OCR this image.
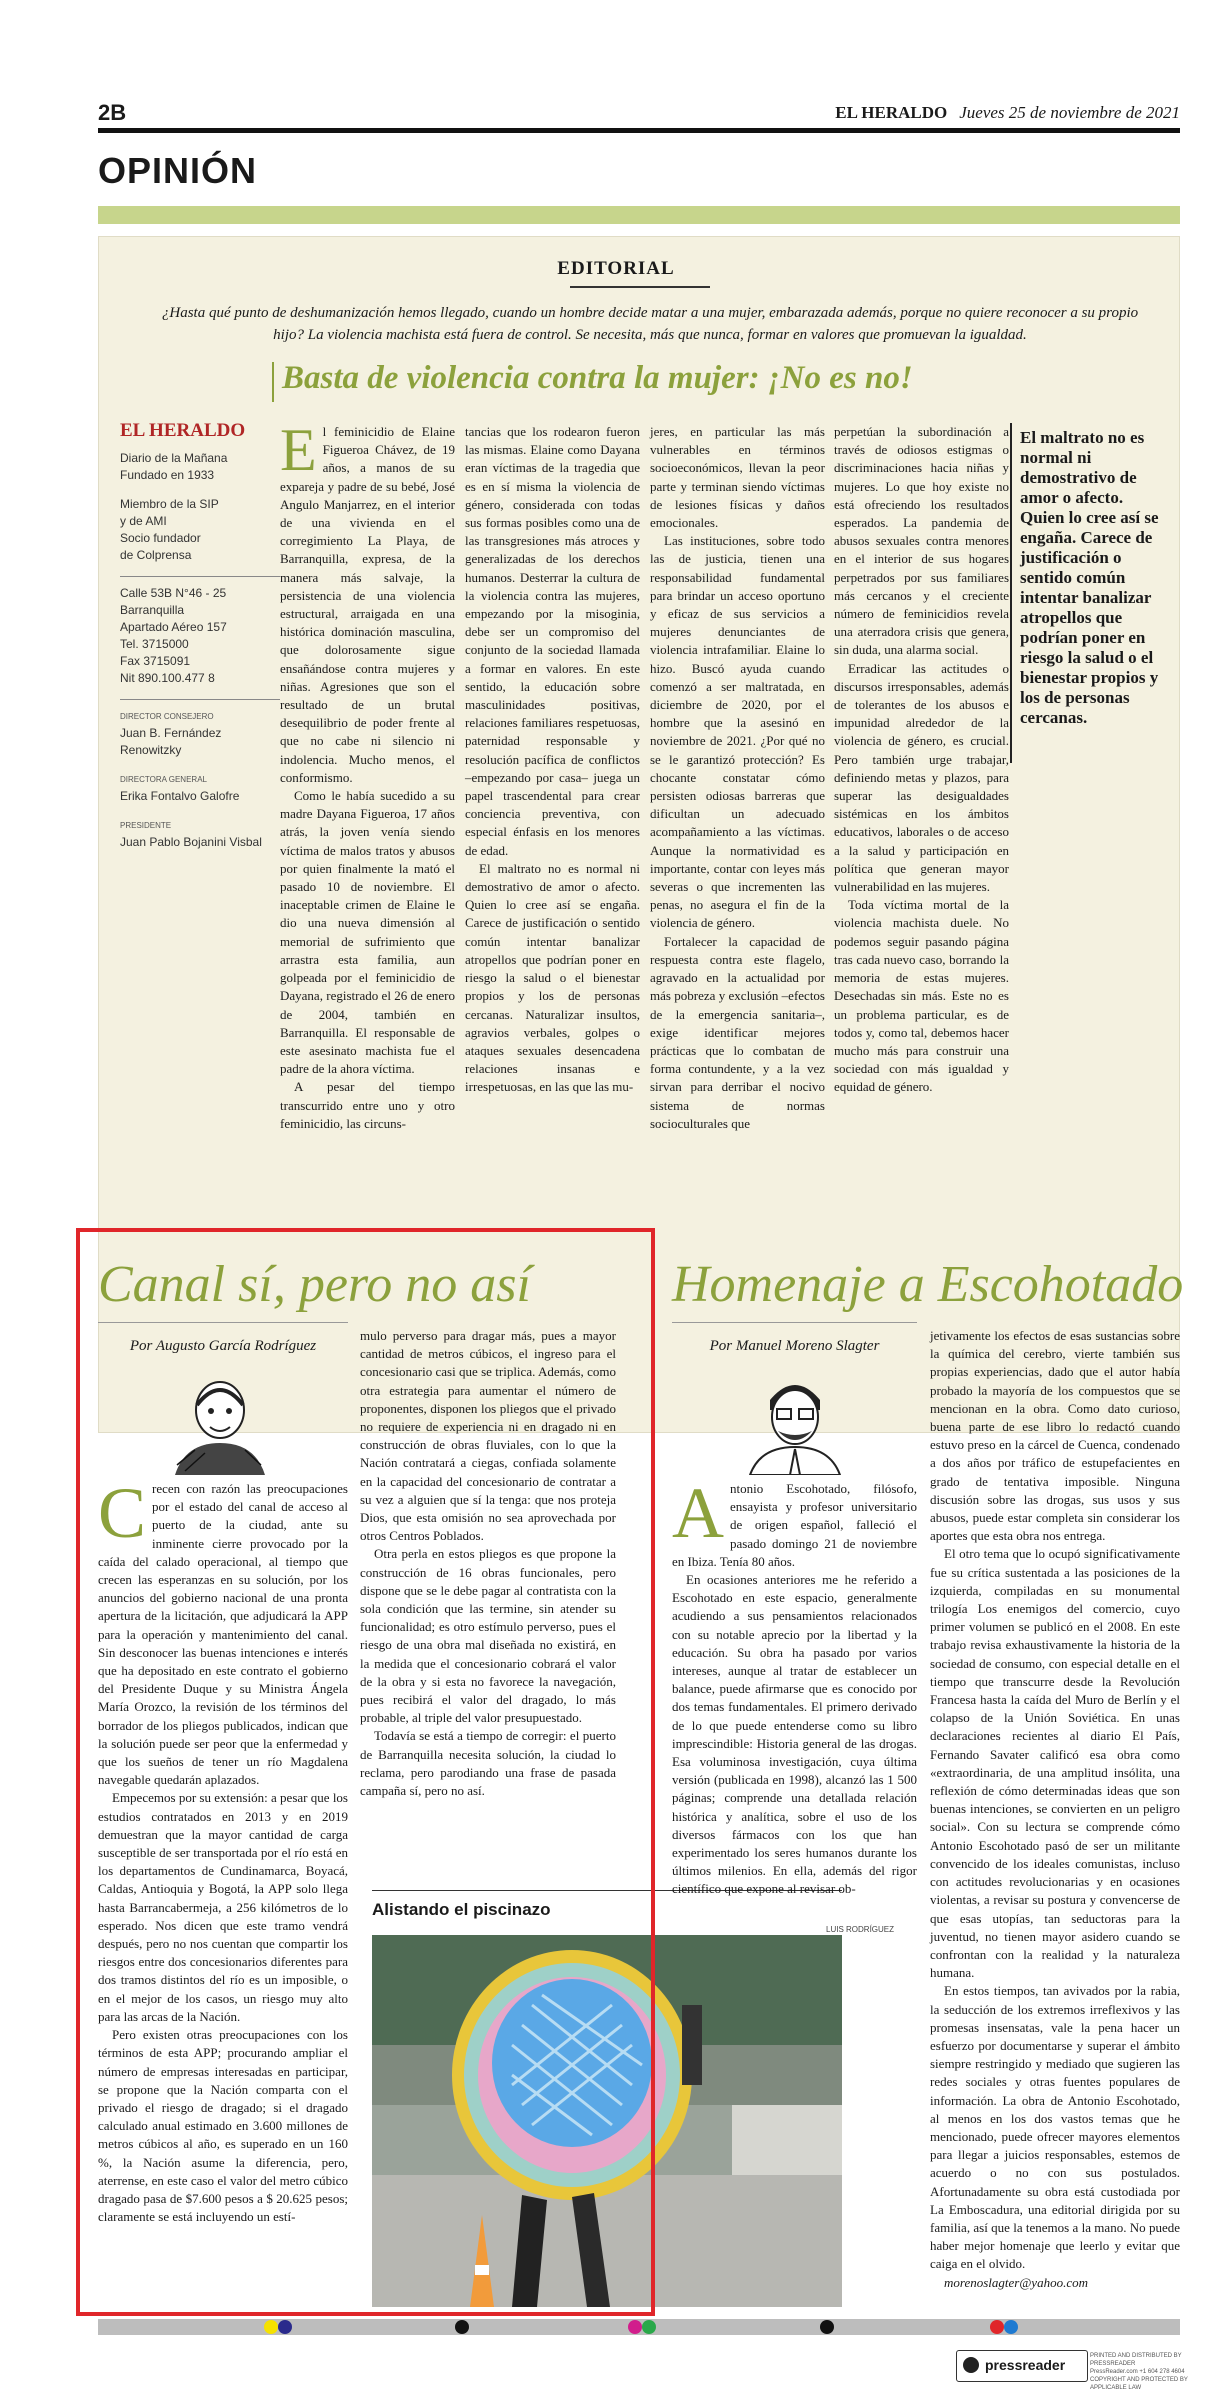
2B	EL HERALDO Jueves 25 de noviembre de 2021
OPINIÓN
EDITORIAL
¿Hasta qué punto de deshumanización hemos llegado, cuando un hombre decide matar a una mujer, embarazada además, porque no quiere reconocer a su propio hijo? La violencia machista está fuera de control. Se necesita, más que nunca, formar en valores que promuevan la igualdad.
Basta de violencia contra la mujer: ¡No es no!
EL HERALDO
Diario de la Mañana
Fundado en 1933
Miembro de la SIP
y de AMI
Socio fundador
de Colprensa
Calle 53B N°46 - 25
Barranquilla
Apartado Aéreo 157
Tel. 3715000
Fax 3715091
Nit 890.100.477 8
DIRECTOR CONSEJERO
Juan B. Fernández Renowitzky
DIRECTORA GENERAL
Erika Fontalvo Galofre
PRESIDENTE
Juan Pablo Bojanini Visbal
E l feminicidio de Elaine Figueroa Chávez, de 19 años, a manos de su expareja y padre de su bebé, José Angulo Manjarrez, en el interior de una vivienda en el corregimiento La Playa, de Barranquilla, expresa, de la manera más salvaje, la persistencia de una violencia estructural, arraigada en una histórica dominación masculina, que dolorosamente sigue ensañándose contra mujeres y niñas. Agresiones que son el resultado de un brutal desequilibrio de poder frente al que no cabe ni silencio ni indolencia. Mucho menos, el conformismo.

Como le había sucedido a su madre Dayana Figueroa, 17 años atrás, la joven venía siendo víctima de malos tratos y abusos por quien finalmente la mató el pasado 10 de noviembre. El inaceptable crimen de Elaine le dio una nueva dimensión al memorial de sufrimiento que arrastra esta familia, aun golpeada por el feminicidio de Dayana, registrado el 26 de enero de 2004, también en Barranquilla. El responsable de este asesinato machista fue el padre de la ahora víctima.

A pesar del tiempo transcurrido entre uno y otro feminicidio, las circuns-

tancias que los rodearon fueron las mismas. Elaine como Dayana eran víctimas de la tragedia que es en sí misma la violencia de género, considerada con todas sus formas posibles como una de las transgresiones más atroces y generalizadas de los derechos humanos. Desterrar la cultura de la violencia contra las mujeres, empezando por la misoginia, debe ser un compromiso del conjunto de la sociedad llamada a formar en valores. En este sentido, la educación sobre masculinidades positivas, relaciones familiares respetuosas, paternidad responsable y resolución pacífica de conflictos –empezando por casa– juega un papel trascendental para crear conciencia preventiva, con especial énfasis en los menores de edad.

El maltrato no es normal ni demostrativo de amor o afecto. Quien lo cree así se engaña. Carece de justificación o sentido común intentar banalizar atropellos que podrían poner en riesgo la salud o el bienestar propios y los de personas cercanas. Naturalizar insultos, agravios verbales, golpes o ataques sexuales desencadena relaciones insanas e irrespetuosas, en las que las mu-

jeres, en particular las más vulnerables en términos socioeconómicos, llevan la peor parte y terminan siendo víctimas de lesiones físicas y daños emocionales.

Las instituciones, sobre todo las de justicia, tienen una responsabilidad fundamental para brindar un acceso oportuno y eficaz de sus servicios a mujeres denunciantes de violencia intrafamiliar. Elaine lo hizo. Buscó ayuda cuando comenzó a ser maltratada, en diciembre de 2020, por el hombre que la asesinó en noviembre de 2021. ¿Por qué no se le garantizó protección? Es chocante constatar cómo persisten odiosas barreras que dificultan un adecuado acompañamiento a las víctimas. Aunque la normatividad es importante, contar con leyes más severas o que incrementen las penas, no asegura el fin de la violencia de género.

Fortalecer la capacidad de respuesta contra este flagelo, agravado en la actualidad por más pobreza y exclusión –efectos de la emergencia sanitaria–, exige identificar mejores prácticas que lo combatan de forma contundente, y a la vez sirvan para derribar el nocivo sistema de normas socioculturales que

perpetúan la subordinación a través de odiosos estigmas o discriminaciones hacia niñas y mujeres. Lo que hoy existe no está ofreciendo los resultados esperados. La pandemia de abusos sexuales contra menores en el interior de sus hogares perpetrados por sus familiares más cercanos y el creciente número de feminicidios revela una aterradora crisis que genera, sin duda, una alarma social.

Erradicar las actitudes o discursos irresponsables, además de tolerantes de los abusos e impunidad alrededor de la violencia de género, es crucial. Pero también urge trabajar, definiendo metas y plazos, para superar las desigualdades sistémicas en los ámbitos educativos, laborales o de acceso a la salud y participación en política que generan mayor vulnerabilidad en las mujeres.

Toda víctima mortal de la violencia machista duele. No podemos seguir pasando página tras cada nuevo caso, borrando la memoria de estas mujeres. Desechadas sin más. Este no es un problema particular, es de todos y, como tal, debemos hacer mucho más para construir una sociedad con más igualdad y equidad de género.

El maltrato no es normal ni demostrativo de amor o afecto. Quien lo cree así se engaña. Carece de justificación o sentido común intentar banalizar atropellos que podrían poner en riesgo la salud o el bienestar propios y los de personas cercanas.
Canal sí, pero no así
Por Augusto García Rodríguez
C recen con razón las preocupaciones por el estado del canal de acceso al puerto de la ciudad, ante su inminente cierre provocado por la caída del calado operacional, al tiempo que crecen las esperanzas en su solución, por los anuncios del gobierno nacional de una pronta apertura de la licitación, que adjudicará la APP para la operación y mantenimiento del canal. Sin desconocer las buenas intenciones e interés que ha depositado en este contrato el gobierno del Presidente Duque y su Ministra Ángela María Orozco, la revisión de los términos del borrador de los pliegos publicados, indican que la solución puede ser peor que la enfermedad y que los sueños de tener un río Magdalena navegable quedarán aplazados.

Empecemos por su extensión: a pesar que los estudios contratados en 2013 y en 2019 demuestran que la mayor cantidad de carga susceptible de ser transportada por el río está en los departamentos de Cundinamarca, Boyacá, Caldas, Antioquia y Bogotá, la APP solo llega hasta Barrancabermeja, a 256 kilómetros de lo esperado. Nos dicen que este tramo vendrá después, pero no nos cuentan que compartir los riesgos entre dos concesionarios diferentes para dos tramos distintos del río es un imposible, o en el mejor de los casos, un riesgo muy alto para las arcas de la Nación.

Pero existen otras preocupaciones con los términos de esta APP; procurando ampliar el número de empresas interesadas en participar, se propone que la Nación comparta con el privado el riesgo de dragado; si el dragado calculado anual estimado en 3.600 millones de metros cúbicos al año, es superado en un 160 %, la Nación asume la diferencia, pero, aterrense, en este caso el valor del metro cúbico dragado pasa de $7.600 pesos a $ 20.625 pesos; claramente se está incluyendo un estí-

mulo perverso para dragar más, pues a mayor cantidad de metros cúbicos, el ingreso para el concesionario casi que se triplica. Además, como otra estrategia para aumentar el número de proponentes, disponen los pliegos que el privado no requiere de experiencia ni en dragado ni en construcción de obras fluviales, con lo que la Nación contratará a ciegas, confiada solamente en la capacidad del concesionario de contratar a su vez a alguien que sí la tenga: que nos proteja Dios, que esta omisión no sea aprovechada por otros Centros Poblados.

Otra perla en estos pliegos es que propone la construcción de 16 obras funcionales, pero dispone que se le debe pagar al contratista con la sola condición que las termine, sin atender su funcionalidad; es otro estímulo perverso, pues el riesgo de una obra mal diseñada no existirá, en la medida que el concesionario cobrará el valor de la obra y si esta no favorece la navegación, pues recibirá el valor del dragado, lo más probable, al triple del valor presupuestado.

Todavía se está a tiempo de corregir: el puerto de Barranquilla necesita solución, la ciudad lo reclama, pero parodiando una frase de pasada campaña sí, pero no así.

Alistando el piscinazo
LUIS RODRÍGUEZ
Homenaje a Escohotado
Por Manuel Moreno Slagter
A ntonio Escohotado, filósofo, ensayista y profesor universitario de origen español, falleció el pasado domingo 21 de noviembre en Ibiza. Tenía 80 años.

En ocasiones anteriores me he referido a Escohotado en este espacio, generalmente acudiendo a sus pensamientos relacionados con su notable aprecio por la libertad y la educación. Su obra ha pasado por varios intereses, aunque al tratar de establecer un balance, puede afirmarse que es conocido por dos temas fundamentales. El primero derivado de lo que puede entenderse como su libro imprescindible: Historia general de las drogas. Esa voluminosa investigación, cuya última versión (publicada en 1998), alcanzó las 1 500 páginas; comprende una detallada relación histórica y analítica, sobre el uso de los diversos fármacos con los que han experimentado los seres humanos durante los últimos milenios. En ella, además del rigor científico que expone al revisar ob-

jetivamente los efectos de esas sustancias sobre la química del cerebro, vierte también sus propias experiencias, dado que el autor había probado la mayoría de los compuestos que se mencionan en la obra. Como dato curioso, buena parte de ese libro lo redactó cuando estuvo preso en la cárcel de Cuenca, condenado a dos años por tráfico de estupefacientes en grado de tentativa imposible. Ninguna discusión sobre las drogas, sus usos y sus abusos, puede estar completa sin considerar los aportes que esta obra nos entrega.

El otro tema que lo ocupó significativamente fue su crítica sustentada a las posiciones de la izquierda, compiladas en su monumental trilogía Los enemigos del comercio, cuyo primer volumen se publicó en el 2008. En este trabajo revisa exhaustivamente la historia de la sociedad de consumo, con especial detalle en el tiempo que transcurre desde la Revolución Francesa hasta la caída del Muro de Berlín y el colapso de la Unión Soviética. En unas declaraciones recientes al diario El País, Fernando Savater calificó esa obra como «extraordinaria, de una amplitud insólita, una reflexión de cómo determinadas ideas que son buenas intenciones, se convierten en un peligro social». Con su lectura se comprende cómo Antonio Escohotado pasó de ser un militante convencido de los ideales comunistas, incluso con actitudes revolucionarias y en ocasiones violentas, a revisar su postura y convencerse de que esas utopías, tan seductoras para la juventud, no tienen mayor asidero cuando se confrontan con la realidad y la naturaleza humana.

En estos tiempos, tan avivados por la rabia, la seducción de los extremos irreflexivos y las promesas insensatas, vale la pena hacer un esfuerzo por documentarse y superar el ámbito siempre restringido y mediado que sugieren las redes sociales y otras fuentes populares de información. La obra de Antonio Escohotado, al menos en los dos vastos temas que he mencionado, puede ofrecer mayores elementos para llegar a juicios responsables, estemos de acuerdo o no con sus postulados. Afortunadamente su obra está custodiada por La Emboscadura, una editorial dirigida por su familia, así que la tenemos a la mano. No puede haber mejor homenaje que leerlo y evitar que caiga en el olvido.

morenoslagter@yahoo.com

pressreader
PRINTED AND DISTRIBUTED BY PRESSREADER
PressReader.com +1 604 278 4604
COPYRIGHT AND PROTECTED BY APPLICABLE LAW
